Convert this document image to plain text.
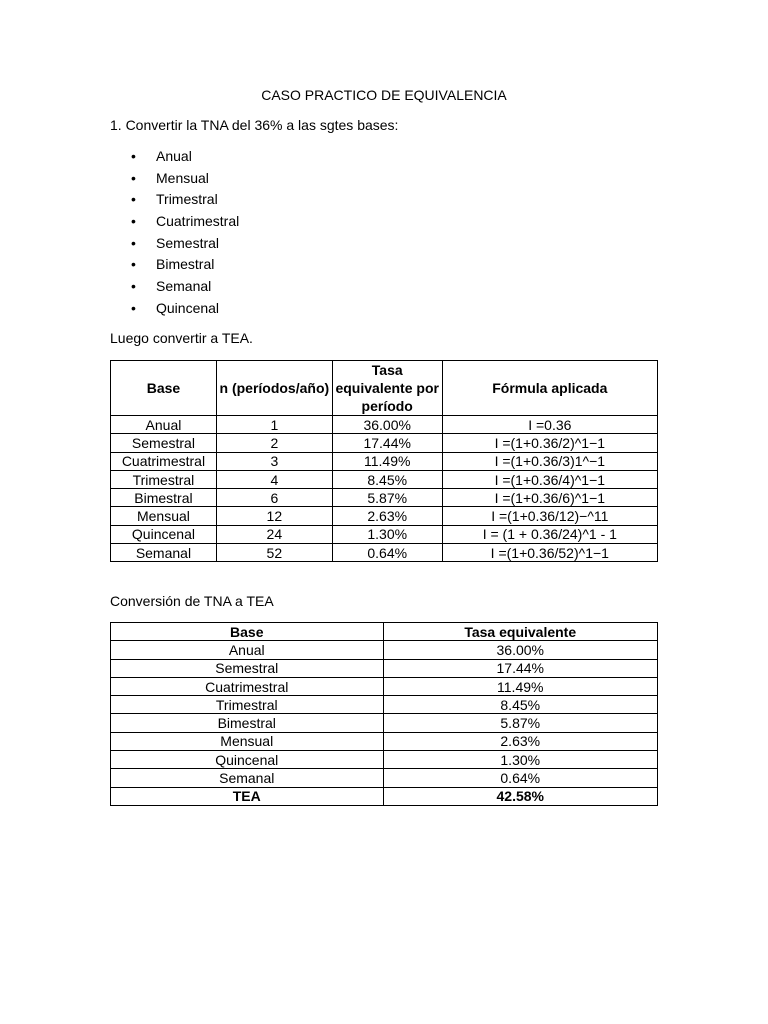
CASO PRACTICO DE EQUIVALENCIA
1. Convertir la TNA del 36% a las sgtes bases:
• Anual
• Mensual
• Trimestral
• Cuatrimestral
• Semestral
• Bimestral
• Semanal
• Quincenal
Luego convertir a TEA.
Base	n (períodos/año)	Tasa equivalente por período	Fórmula aplicada
Anual	1	36.00%	I =0.36
Semestral	2	17.44%	I =(1+0.36/2)^1−1
Cuatrimestral	3	11.49%	I =(1+0.36/3)1^−1
Trimestral	4	8.45%	I =(1+0.36/4)^1−1
Bimestral	6	5.87%	I =(1+0.36/6)^1−1
Mensual	12	2.63%	I =(1+0.36/12)−^11
Quincenal	24	1.30%	I = (1 + 0.36/24)^1 - 1
Semanal	52	0.64%	I =(1+0.36/52)^1−1
Conversión de TNA a TEA
Base	Tasa equivalente
Anual	36.00%
Semestral	17.44%
Cuatrimestral	11.49%
Trimestral	8.45%
Bimestral	5.87%
Mensual	2.63%
Quincenal	1.30%
Semanal	0.64%
TEA	42.58%
